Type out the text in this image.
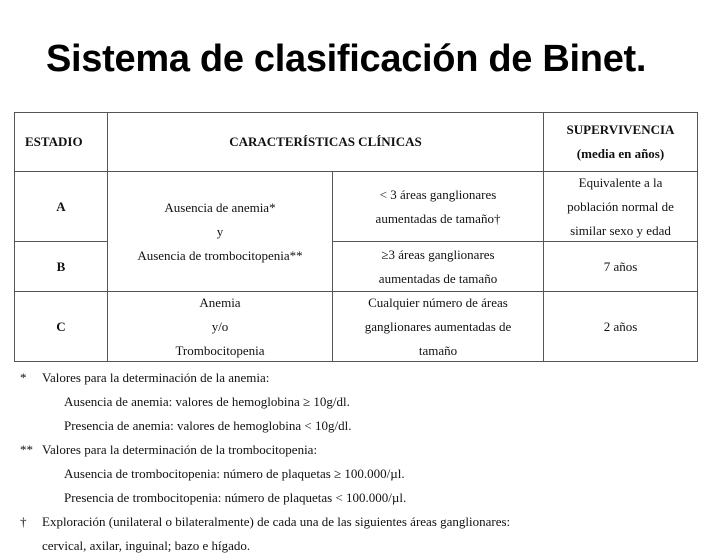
Sistema de clasificación de Binet.
ESTADIO	CARACTERÍSTICAS CLÍNICAS
SUPERVIVENCIA
(media en años)
A	Ausencia de anemia*
y
Ausencia de trombocitopenia**
< 3 áreas ganglionares
aumentadas de tamaño†
Equivalente a la
población normal de
similar sexo y edad
B
≥3 áreas ganglionares
aumentadas de tamaño
7 años
C
Anemia
y/o
Trombocitopenia
Cualquier número de áreas
ganglionares aumentadas de
tamaño
2 años
* Valores para la determinación de la anemia:
Ausencia de anemia: valores de hemoglobina ≥ 10g/dl.
Presencia de anemia: valores de hemoglobina < 10g/dl.
** Valores para la determinación de la trombocitopenia:
Ausencia de trombocitopenia: número de plaquetas ≥ 100.000/µl.
Presencia de trombocitopenia: número de plaquetas < 100.000/µl.
† Exploración (unilateral o bilateralmente) de cada una de las siguientes áreas ganglionares:
cervical, axilar, inguinal; bazo e hígado.
